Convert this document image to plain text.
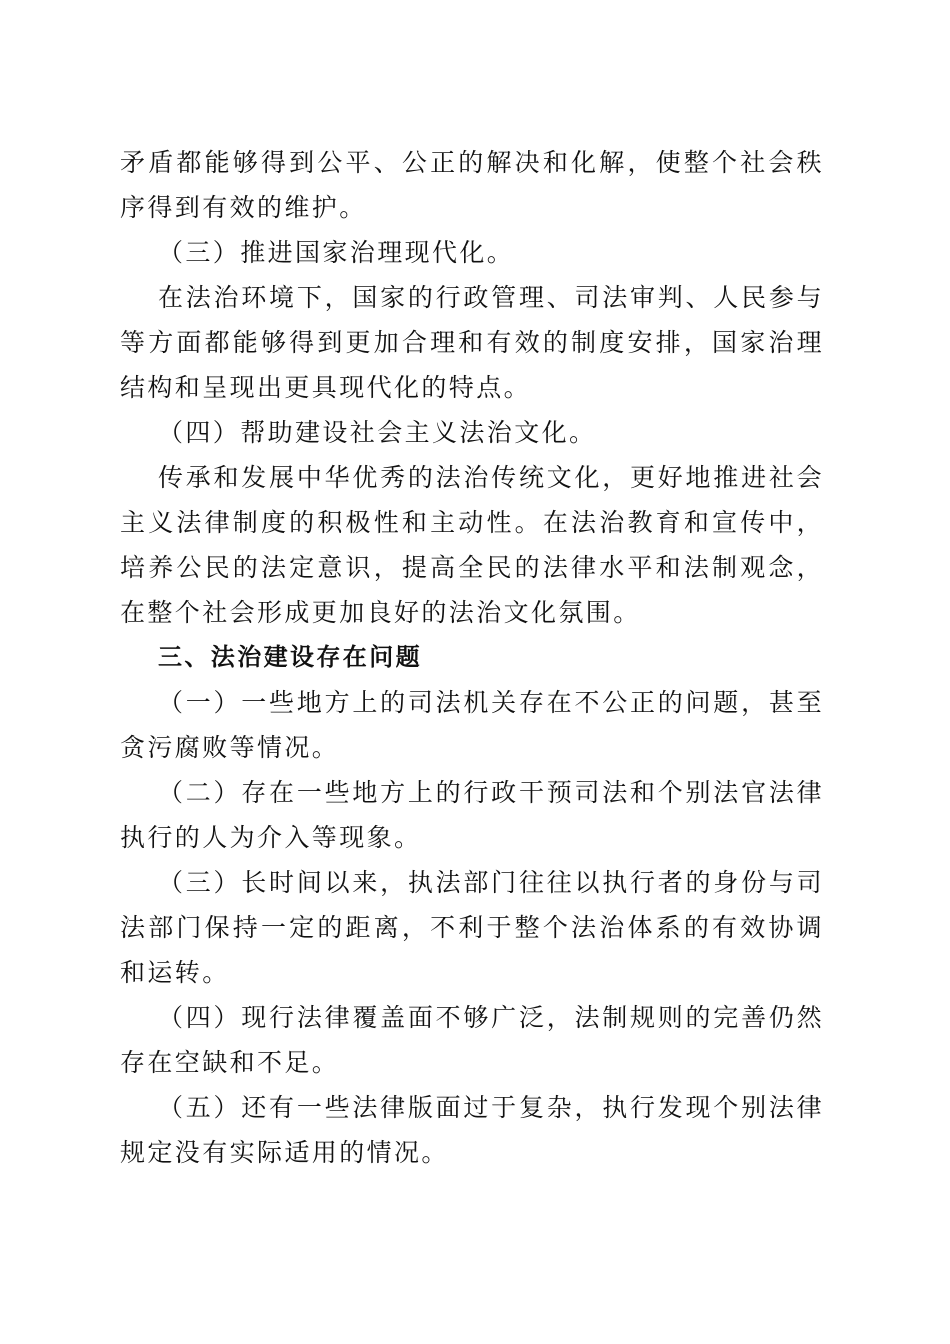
矛盾都能够得到公平、公正的解决和化解，使整个社会秩序得到有效的维护。

（三）推进国家治理现代化。

在法治环境下，国家的行政管理、司法审判、人民参与等方面都能够得到更加合理和有效的制度安排，国家治理结构和呈现出更具现代化的特点。

（四）帮助建设社会主义法治文化。

传承和发展中华优秀的法治传统文化，更好地推进社会主义法律制度的积极性和主动性。在法治教育和宣传中，培养公民的法定意识，提高全民的法律水平和法制观念，在整个社会形成更加良好的法治文化氛围。

三、法治建设存在问题

（一）一些地方上的司法机关存在不公正的问题，甚至贪污腐败等情况。

（二）存在一些地方上的行政干预司法和个别法官法律执行的人为介入等现象。

（三）长时间以来，执法部门往往以执行者的身份与司法部门保持一定的距离，不利于整个法治体系的有效协调和运转。

（四）现行法律覆盖面不够广泛，法制规则的完善仍然存在空缺和不足。

（五）还有一些法律版面过于复杂，执行发现个别法律规定没有实际适用的情况。
